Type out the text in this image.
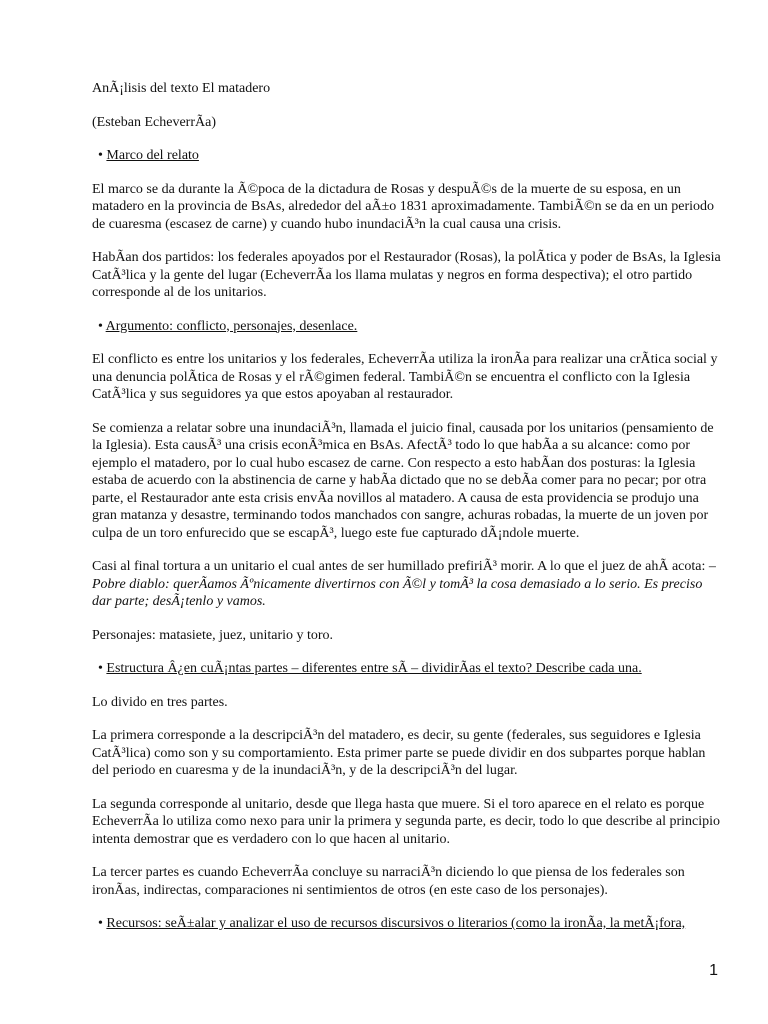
AnÃ¡lisis del texto El matadero

(Esteban EcheverrÃa)

• Marco del relato

El marco se da durante la Ã©poca de la dictadura de Rosas y despuÃ©s de la muerte de su esposa, en un matadero en la provincia de BsAs, alrededor del aÃ±o 1831 aproximadamente. TambiÃ©n se da en un periodo de cuaresma (escasez de carne) y cuando hubo inundaciÃ³n la cual causa una crisis.

HabÃan dos partidos: los federales apoyados por el Restaurador (Rosas), la polÃtica y poder de BsAs, la Iglesia CatÃ³lica y la gente del lugar (EcheverrÃa los llama mulatas y negros en forma despectiva); el otro partido corresponde al de los unitarios.

• Argumento: conflicto, personajes, desenlace.

El conflicto es entre los unitarios y los federales, EcheverrÃa utiliza la ironÃa para realizar una crÃtica social y una denuncia polÃtica de Rosas y el rÃ©gimen federal. TambiÃ©n se encuentra el conflicto con la Iglesia CatÃ³lica y sus seguidores ya que estos apoyaban al restaurador.

Se comienza a relatar sobre una inundaciÃ³n, llamada el juicio final, causada por los unitarios (pensamiento de la Iglesia). Esta causÃ³ una crisis econÃ³mica en BsAs. AfectÃ³ todo lo que habÃa a su alcance: como por ejemplo el matadero, por lo cual hubo escasez de carne. Con respecto a esto habÃan dos posturas: la Iglesia estaba de acuerdo con la abstinencia de carne y habÃa dictado que no se debÃa comer para no pecar; por otra parte, el Restaurador ante esta crisis envÃa novillos al matadero. A causa de esta providencia se produjo una gran matanza y desastre, terminando todos manchados con sangre, achuras robadas, la muerte de un joven por culpa de un toro enfurecido que se escapÃ³, luego este fue capturado dÃ¡ndole muerte.

Casi al final tortura a un unitario el cual antes de ser humillado prefiriÃ³ morir. A lo que el juez de ahÃ acota: – Pobre diablo: querÃamos Ãºnicamente divertirnos con Ã©l y tomÃ³ la cosa demasiado a lo serio. Es preciso dar parte; desÃ¡tenlo y vamos.

Personajes: matasiete, juez, unitario y toro.

• Estructura Â¿en cuÃ¡ntas partes – diferentes entre sÃ – dividirÃas el texto? Describe cada una.

Lo divido en tres partes.

La primera corresponde a la descripciÃ³n del matadero, es decir, su gente (federales, sus seguidores e Iglesia CatÃ³lica) como son y su comportamiento. Esta primer parte se puede dividir en dos subpartes porque hablan del periodo en cuaresma y de la inundaciÃ³n, y de la descripciÃ³n del lugar.

La segunda corresponde al unitario, desde que llega hasta que muere. Si el toro aparece en el relato es porque EcheverrÃa lo utiliza como nexo para unir la primera y segunda parte, es decir, todo lo que describe al principio intenta demostrar que es verdadero con lo que hacen al unitario.

La tercer partes es cuando EcheverrÃa concluye su narraciÃ³n diciendo lo que piensa de los federales son ironÃas, indirectas, comparaciones ni sentimientos de otros (en este caso de los personajes).

• Recursos: seÃ±alar y analizar el uso de recursos discursivos o literarios (como la ironÃa, la metÃ¡fora,

1
